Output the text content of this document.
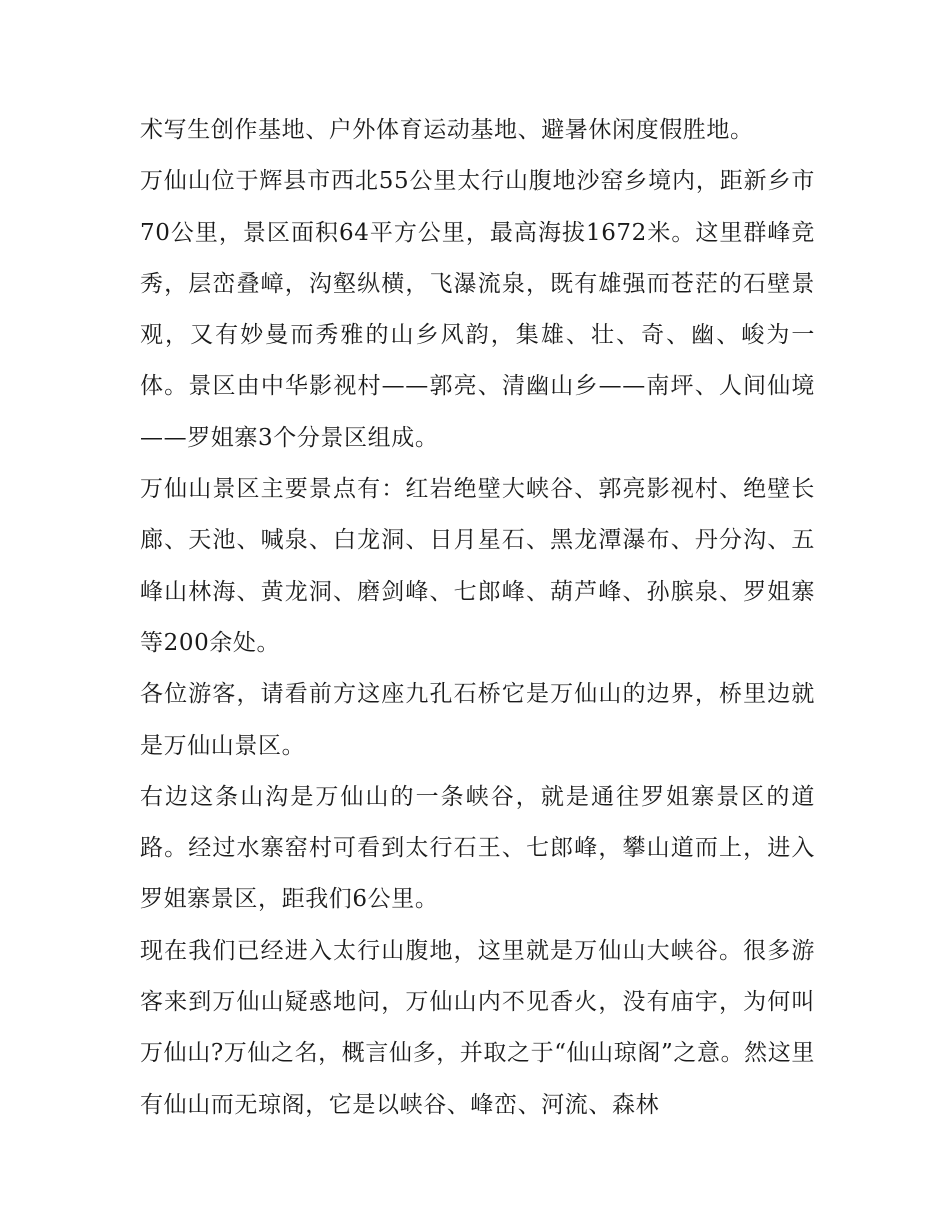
术写生创作基地、户外体育运动基地、避暑休闲度假胜地。

万仙山位于辉县市西北55公里太行山腹地沙窑乡境内，距新乡市70公里，景区面积64平方公里，最高海拔1672米。这里群峰竞秀，层峦叠嶂，沟壑纵横，飞瀑流泉，既有雄强而苍茫的石壁景观，又有妙曼而秀雅的山乡风韵，集雄、壮、奇、幽、峻为一体。景区由中华影视村——郭亮、清幽山乡——南坪、人间仙境——罗姐寨3个分景区组成。

万仙山景区主要景点有：红岩绝壁大峡谷、郭亮影视村、绝壁长廊、天池、喊泉、白龙洞、日月星石、黑龙潭瀑布、丹分沟、五峰山林海、黄龙洞、磨剑峰、七郎峰、葫芦峰、孙膑泉、罗姐寨等200余处。

各位游客，请看前方这座九孔石桥它是万仙山的边界，桥里边就是万仙山景区。

右边这条山沟是万仙山的一条峡谷，就是通往罗姐寨景区的道路。经过水寨窑村可看到太行石王、七郎峰，攀山道而上，进入罗姐寨景区，距我们6公里。

现在我们已经进入太行山腹地，这里就是万仙山大峡谷。很多游客来到万仙山疑惑地问，万仙山内不见香火，没有庙宇，为何叫万仙山?万仙之名，概言仙多，并取之于“仙山琼阁”之意。然这里有仙山而无琼阁，它是以峡谷、峰峦、河流、森林
